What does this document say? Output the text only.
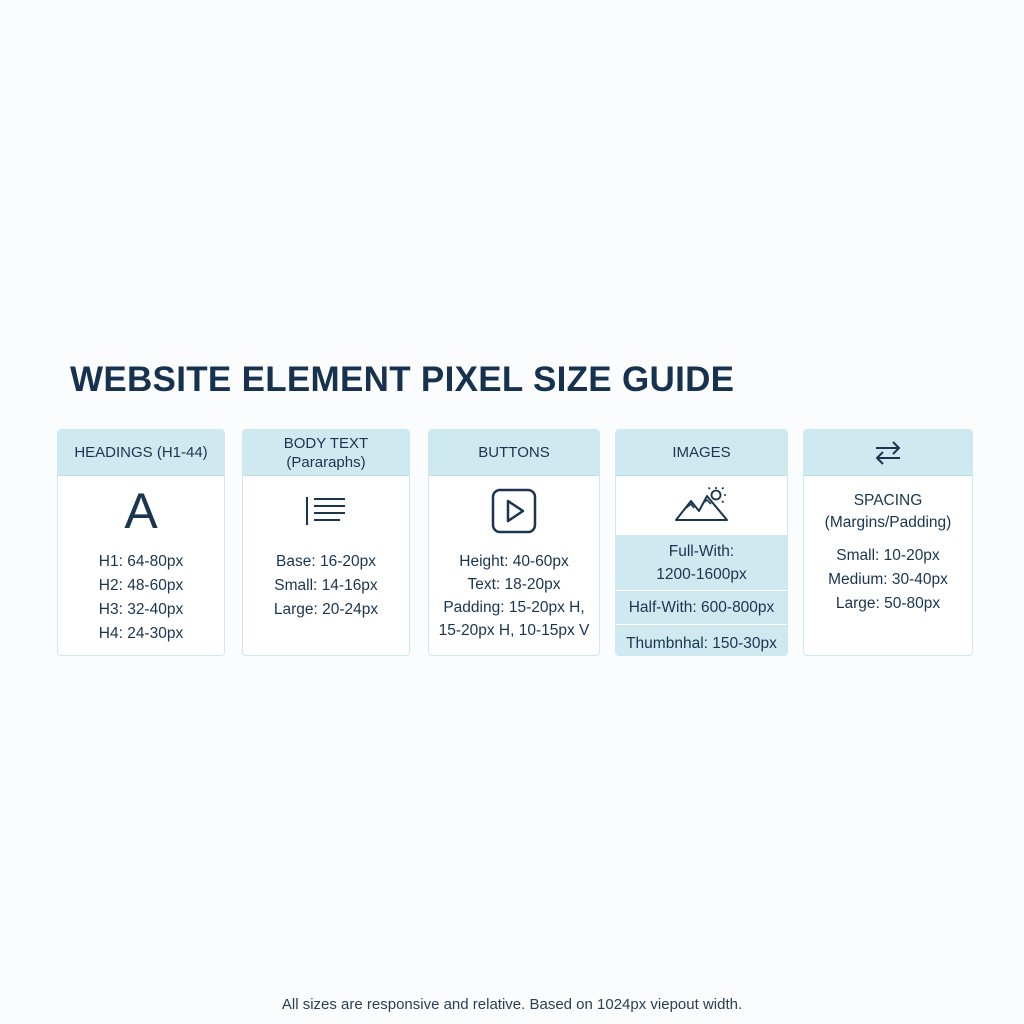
WEBSITE ELEMENT PIXEL SIZE GUIDE
HEADINGS (H1-44)
A
H1: 64-80px
H2: 48-60px
H3: 32-40px
H4: 24-30px
BODY TEXT
(Pararaphs)
Base: 16-20px
Small: 14-16px
Large: 20-24px
BUTTONS
Height: 40-60px
Text: 18-20px
Padding: 15-20px H,
15-20px H, 10-15px V
IMAGES
Full-With:
1200-1600px
Half-With: 600-800px
Thumbnhal: 150-30px
SPACING
(Margins/Padding)
Small: 10-20px
Medium: 30-40px
Large: 50-80px
All sizes are responsive and relative. Based on 1024px viepout width.
